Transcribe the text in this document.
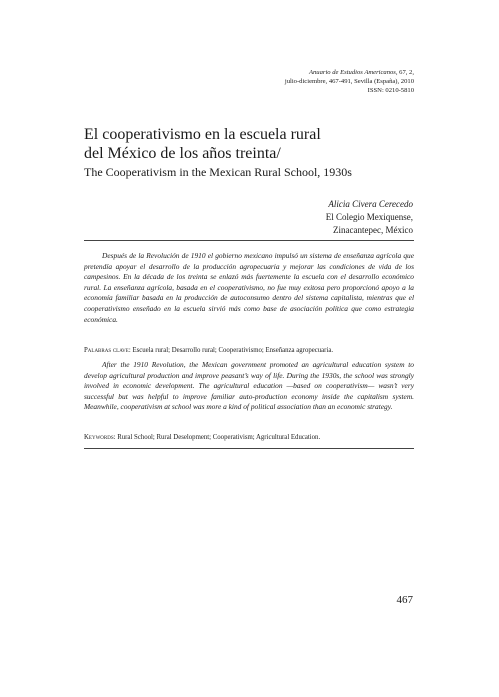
Anuario de Estudios Americanos, 67, 2,
julio-diciembre, 467-491, Sevilla (España), 2010
ISSN: 0210-5810
El cooperativismo en la escuela rural
del México de los años treinta/
The Cooperativism in the Mexican Rural School, 1930s
Alicia Civera Cerecedo
El Colegio Mexiquense,
Zinacantepec, México

Después de la Revolución de 1910 el gobierno mexicano impulsó un sistema de enseñanza agrícola que pretendía apoyar el desarrollo de la producción agropecuaria y mejorar las condiciones de vida de los campesinos. En la década de los treinta se enlazó más fuertemente la escuela con el desarrollo económico rural. La enseñanza agrícola, basada en el cooperativismo, no fue muy exitosa pero proporcionó apoyo a la economía familiar basada en la producción de autoconsumo dentro del sistema capitalista, mientras que el cooperativismo enseñado en la escuela sirvió más como base de asociación política que como estrategia económica.

Palabras clave: Escuela rural; Desarrollo rural; Cooperativismo; Enseñanza agropecuaria.

After the 1910 Revolution, the Mexican government promoted an agricultural education system to develop agricultural production and improve peasant’s way of life. During the 1930s, the school was strongly involved in economic development. The agricultural education —based on cooperativism— wasn’t very successful but was helpful to improve familiar auto-production economy inside the capitalism system. Meanwhile, cooperativism at school was more a kind of political association than an economic strategy.

Keywords: Rural School; Rural Deselopment; Cooperativism; Agricultural Education.

467
